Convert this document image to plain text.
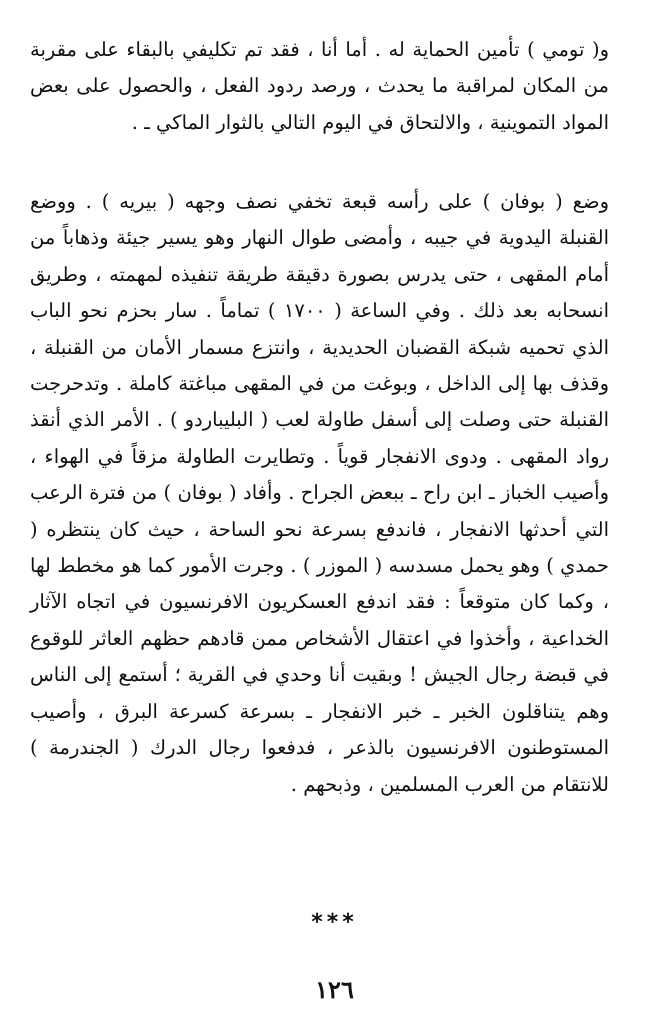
و( تومي ) تأمين الحماية له . أما أنا ، فقد تم تكليفي بالبقاء على مقربة من المكان لمراقبة ما يحدث ، ورصد ردود الفعل ، والحصول على بعض المواد التموينية ، والالتحاق في اليوم التالي بالثوار الماكي ـ .

وضع ( بوفان ) على رأسه قبعة تخفي نصف وجهه ( بيريه ) . ووضع القنبلة اليدوية في جيبه ، وأمضى طوال النهار وهو يسير جيئة وذهاباً من أمام المقهى ، حتى يدرس بصورة دقيقة طريقة تنفيذه لمهمته ، وطريق انسحابه بعد ذلك . وفي الساعة ( ١٧٠٠ ) تماماً . سار بحزم نحو الباب الذي تحميه شبكة القضبان الحديدية ، وانتزع مسمار الأمان من القنبلة ، وقذف بها إلى الداخل ، وبوغت من في المقهى مباغتة كاملة . وتدحرجت القنبلة حتى وصلت إلى أسفل طاولة لعب ( البليباردو ) . الأمر الذي أنقذ رواد المقهى . ودوى الانفجار قوياً . وتطايرت الطاولة مزقاً في الهواء ، وأصيب الخباز ـ ابن راح ـ ببعض الجراح . وأفاد ( بوفان ) من فترة الرعب التي أحدثها الانفجار ، فاندفع بسرعة نحو الساحة ، حيث كان ينتظره ( حمدي ) وهو يحمل مسدسه ( الموزر ) . وجرت الأمور كما هو مخطط لها ، وكما كان متوقعاً : فقد اندفع العسكريون الافرنسيون في اتجاه الآثار الخداعية ، وأخذوا في اعتقال الأشخاص ممن قادهم حظهم العاثر للوقوع في قبضة رجال الجيش ! وبقيت أنا وحدي في القرية ؛ أستمع إلى الناس وهم يتناقلون الخبر ـ خبر الانفجار ـ بسرعة كسرعة البرق ، وأصيب المستوطنون الافرنسيون بالذعر ، فدفعوا رجال الدرك ( الجندرمة ) للانتقام من العرب المسلمين ، وذبحهم .

***
١٢٦
